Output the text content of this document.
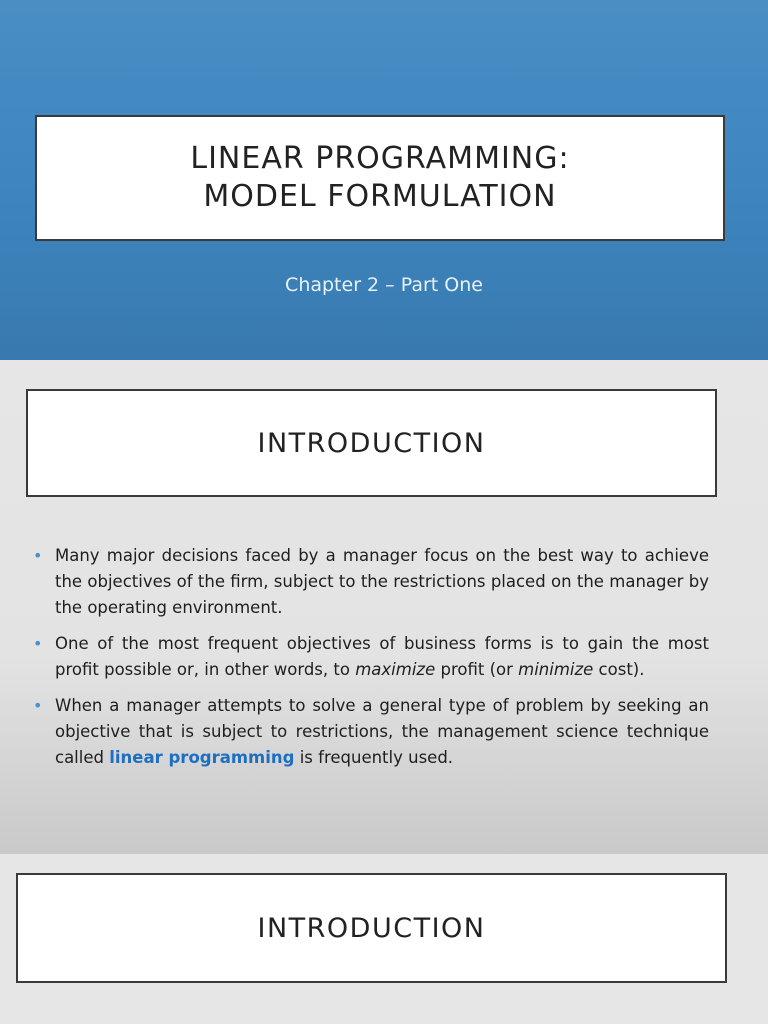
LINEAR PROGRAMMING:
MODEL FORMULATION
Chapter 2 – Part One
INTRODUCTION
• Many major decisions faced by a manager focus on the best way to achieve the objectives of the firm, subject to the restrictions placed on the manager by the operating environment.
• One of the most frequent objectives of business forms is to gain the most profit possible or, in other words, to maximize profit (or minimize cost).
• When a manager attempts to solve a general type of problem by seeking an objective that is subject to restrictions, the management science technique called linear programming is frequently used.
INTRODUCTION
